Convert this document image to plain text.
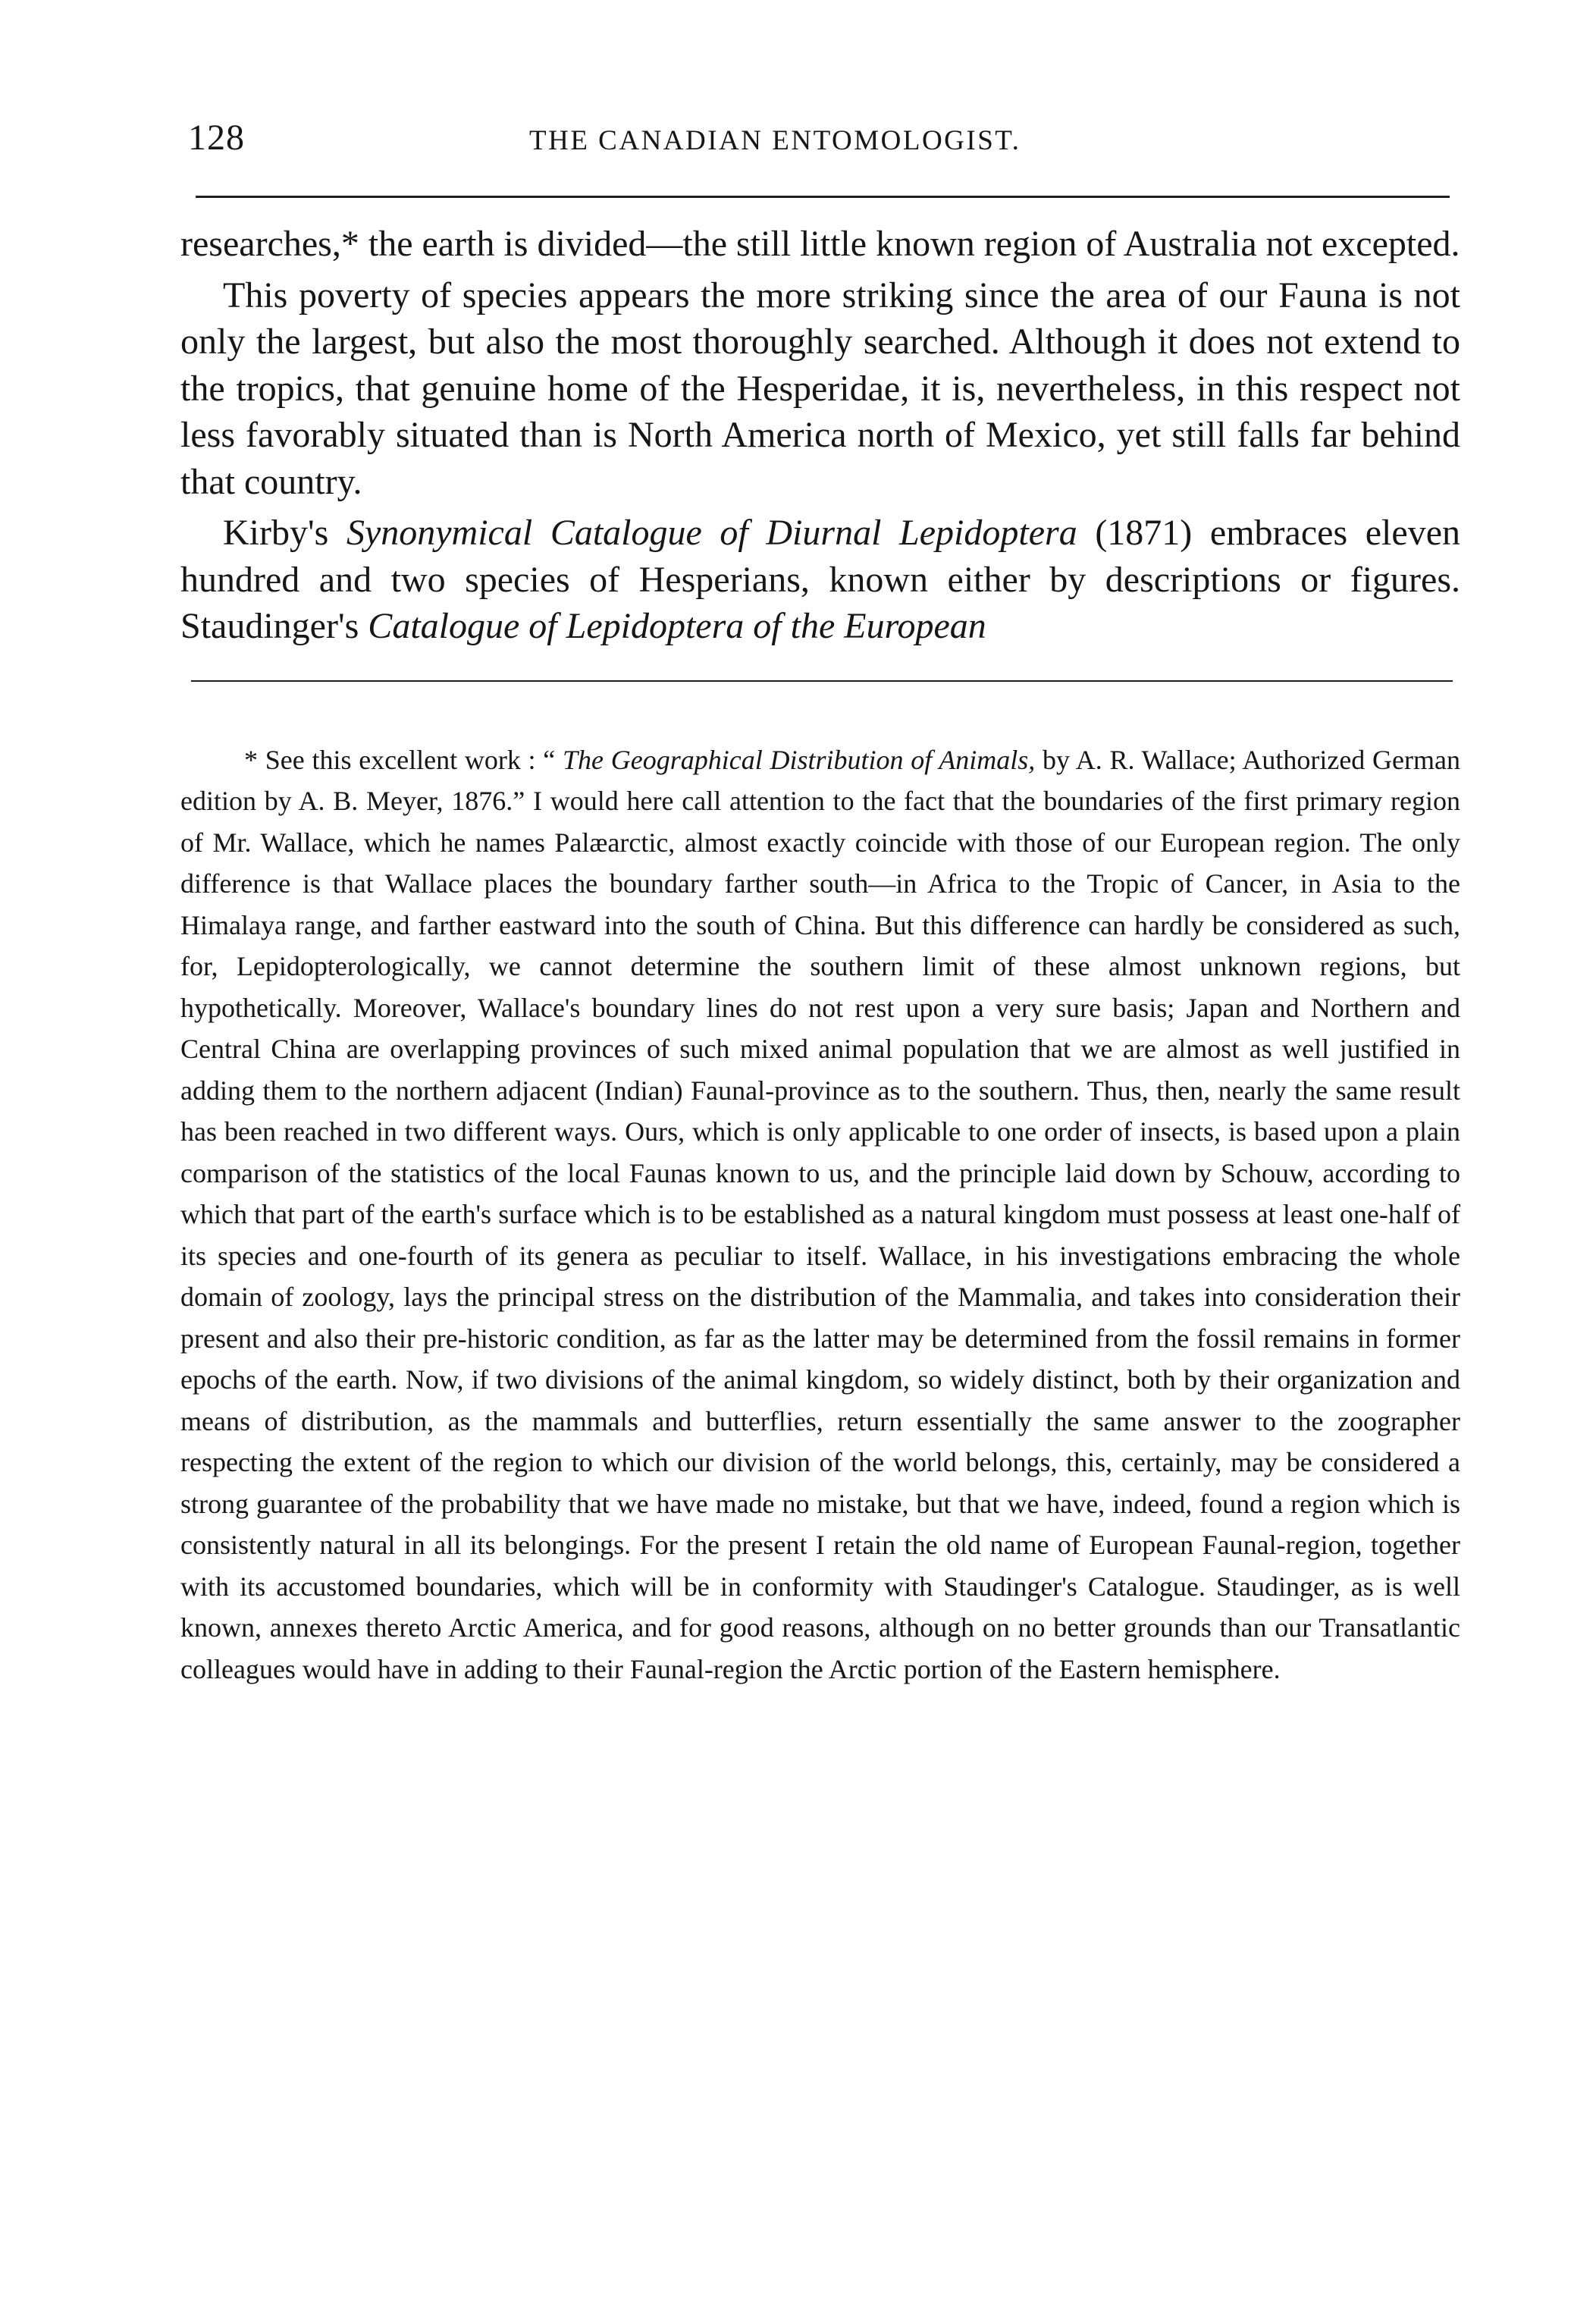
128	THE CANADIAN ENTOMOLOGIST.

researches,* the earth is divided—the still little known region of Australia not excepted.

This poverty of species appears the more striking since the area of our Fauna is not only the largest, but also the most thoroughly searched. Although it does not extend to the tropics, that genuine home of the Hesperidae, it is, nevertheless, in this respect not less favorably situated than is North America north of Mexico, yet still falls far behind that country.

Kirby's Synonymical Catalogue of Diurnal Lepidoptera (1871) embraces eleven hundred and two species of Hesperians, known either by descriptions or figures. Staudinger's Catalogue of Lepidoptera of the European

* See this excellent work : “ The Geographical Distribution of Animals, by A. R. Wallace; Authorized German edition by A. B. Meyer, 1876.” I would here call attention to the fact that the boundaries of the first primary region of Mr. Wallace, which he names Palæarctic, almost exactly coincide with those of our European region. The only difference is that Wallace places the boundary farther south—in Africa to the Tropic of Cancer, in Asia to the Himalaya range, and farther eastward into the south of China. But this difference can hardly be considered as such, for, Lepidopterologically, we cannot determine the southern limit of these almost unknown regions, but hypothetically. Moreover, Wallace's boundary lines do not rest upon a very sure basis; Japan and Northern and Central China are overlapping provinces of such mixed animal population that we are almost as well justified in adding them to the northern adjacent (Indian) Faunal-province as to the southern. Thus, then, nearly the same result has been reached in two different ways. Ours, which is only applicable to one order of insects, is based upon a plain comparison of the statistics of the local Faunas known to us, and the principle laid down by Schouw, according to which that part of the earth's surface which is to be established as a natural kingdom must possess at least one-half of its species and one-fourth of its genera as peculiar to itself. Wallace, in his investigations embracing the whole domain of zoology, lays the principal stress on the distribution of the Mammalia, and takes into consideration their present and also their pre-historic condition, as far as the latter may be determined from the fossil remains in former epochs of the earth. Now, if two divisions of the animal kingdom, so widely distinct, both by their organization and means of distribution, as the mammals and butterflies, return essentially the same answer to the zoographer respecting the extent of the region to which our division of the world belongs, this, certainly, may be considered a strong guarantee of the probability that we have made no mistake, but that we have, indeed, found a region which is consistently natural in all its belongings. For the present I retain the old name of European Faunal-region, together with its accustomed boundaries, which will be in conformity with Staudinger's Catalogue. Staudinger, as is well known, annexes thereto Arctic America, and for good reasons, although on no better grounds than our Transatlantic colleagues would have in adding to their Faunal-region the Arctic portion of the Eastern hemisphere.
